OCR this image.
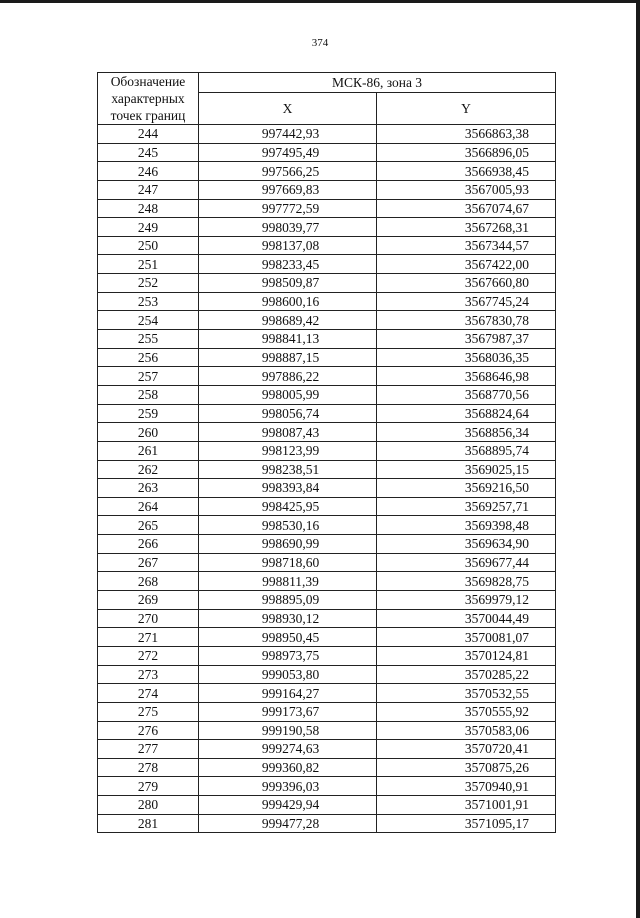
374
Обозначение характерных точек границ	МСК-86, зона 3	
	X	Y
244	997442,93	3566863,38
245	997495,49	3566896,05
246	997566,25	3566938,45
247	997669,83	3567005,93
248	997772,59	3567074,67
249	998039,77	3567268,31
250	998137,08	3567344,57
251	998233,45	3567422,00
252	998509,87	3567660,80
253	998600,16	3567745,24
254	998689,42	3567830,78
255	998841,13	3567987,37
256	998887,15	3568036,35
257	997886,22	3568646,98
258	998005,99	3568770,56
259	998056,74	3568824,64
260	998087,43	3568856,34
261	998123,99	3568895,74
262	998238,51	3569025,15
263	998393,84	3569216,50
264	998425,95	3569257,71
265	998530,16	3569398,48
266	998690,99	3569634,90
267	998718,60	3569677,44
268	998811,39	3569828,75
269	998895,09	3569979,12
270	998930,12	3570044,49
271	998950,45	3570081,07
272	998973,75	3570124,81
273	999053,80	3570285,22
274	999164,27	3570532,55
275	999173,67	3570555,92
276	999190,58	3570583,06
277	999274,63	3570720,41
278	999360,82	3570875,26
279	999396,03	3570940,91
280	999429,94	3571001,91
281	999477,28	3571095,17
